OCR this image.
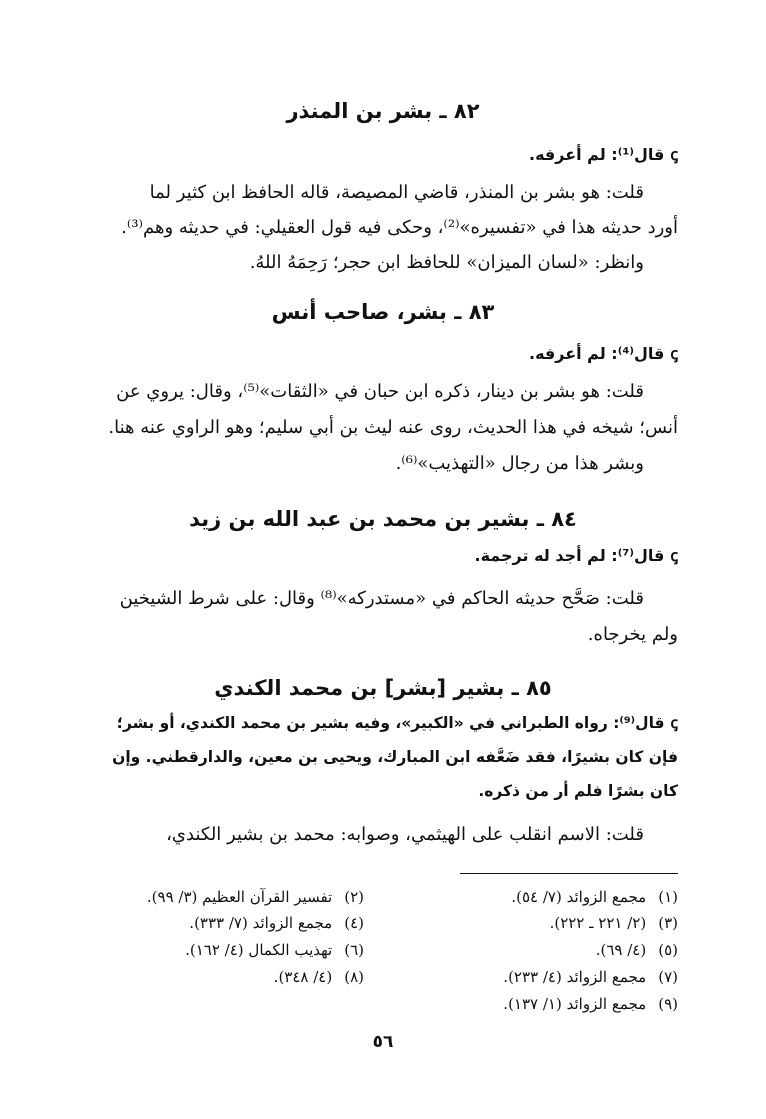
٨٢ ـ بشر بن المنذر
ꞔقال⁽¹⁾: لم أعرفه.
قلت: هو بشر بن المنذر، قاضي المصيصة، قاله الحافظ ابن كثير لما
أورد حديثه هذا في «تفسيره»⁽²⁾، وحكى فيه قول العقيلي: في حديثه وهم⁽³⁾.
وانظر: «لسان الميزان» للحافظ ابن حجر؛ رَحِمَهُ اللهُ.
٨٣ ـ بشر، صاحب أنس
ꞔقال⁽⁴⁾: لم أعرفه.
قلت: هو بشر بن دينار، ذكره ابن حبان في «الثقات»⁽⁵⁾، وقال: يروي عن
أنس؛ شيخه في هذا الحديث، روى عنه ليث بن أبي سليم؛ وهو الراوي عنه هنا.
وبشر هذا من رجال «التهذيب»⁽⁶⁾.
٨٤ ـ بشير بن محمد بن عبد الله بن زيد
ꞔقال⁽⁷⁾: لم أجد له ترجمة.
قلت: صَحَّح حديثه الحاكم في «مستدركه»⁽⁸⁾ وقال: على شرط الشيخين
ولم يخرجاه.
٨٥ ـ بشير [بشر] بن محمد الكندي
ꞔقال⁽⁹⁾: رواه الطبراني في «الكبير»، وفيه بشير بن محمد الكندي، أو بشر؛
فإن كان بشيرًا، فقد ضَعَّفه ابن المبارك، ويحيى بن معين، والدارقطني. وإن
كان بشرًا فلم أر من ذكره.
قلت: الاسم انقلب على الهيثمي، وصوابه: محمد بن بشير الكندي،
(١)مجمع الزوائد (٧/ ٥٤).
(٣)(٢/ ٢٢١ ـ ٢٢٢).
(٥)(٤/ ٦٩).
(٧)مجمع الزوائد (٤/ ٢٣٣).
(٩)مجمع الزوائد (١/ ١٣٧).
(٢)تفسير القرآن العظيم (٣/ ٩٩).
(٤)مجمع الزوائد (٧/ ٣٣٣).
(٦)تهذيب الكمال (٤/ ١٦٢).
(٨)(٤/ ٣٤٨).
٥٦
